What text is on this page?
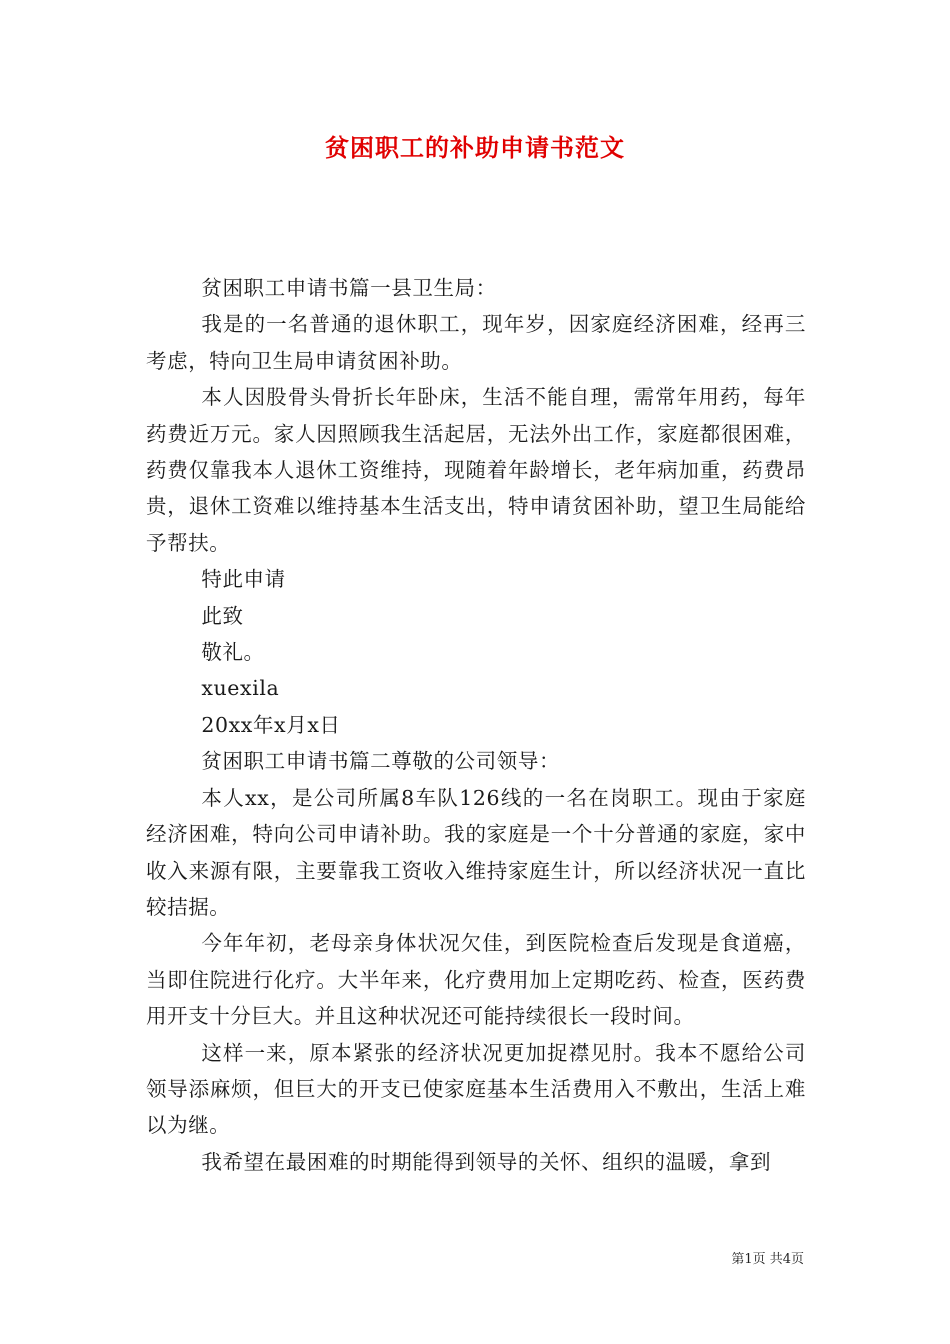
贫困职工的补助申请书范文

贫困职工申请书篇一县卫生局：

我是的一名普通的退休职工，现年岁，因家庭经济困难，经再三考虑，特向卫生局申请贫困补助。

本人因股骨头骨折长年卧床，生活不能自理，需常年用药，每年药费近万元。家人因照顾我生活起居，无法外出工作，家庭都很困难，药费仅靠我本人退休工资维持，现随着年龄增长，老年病加重，药费昂贵，退休工资难以维持基本生活支出，特申请贫困补助，望卫生局能给予帮扶。

特此申请

此致

敬礼。

xuexila

20xx年x月x日

贫困职工申请书篇二尊敬的公司领导：

本人xx，是公司所属8车队126线的一名在岗职工。现由于家庭经济困难，特向公司申请补助。我的家庭是一个十分普通的家庭，家中收入来源有限，主要靠我工资收入维持家庭生计，所以经济状况一直比较拮据。

今年年初，老母亲身体状况欠佳，到医院检查后发现是食道癌，当即住院进行化疗。大半年来，化疗费用加上定期吃药、检查，医药费用开支十分巨大。并且这种状况还可能持续很长一段时间。

这样一来，原本紧张的经济状况更加捉襟见肘。我本不愿给公司领导添麻烦，但巨大的开支已使家庭基本生活费用入不敷出，生活上难以为继。

我希望在最困难的时期能得到领导的关怀、组织的温暖，拿到

第1页 共4页
